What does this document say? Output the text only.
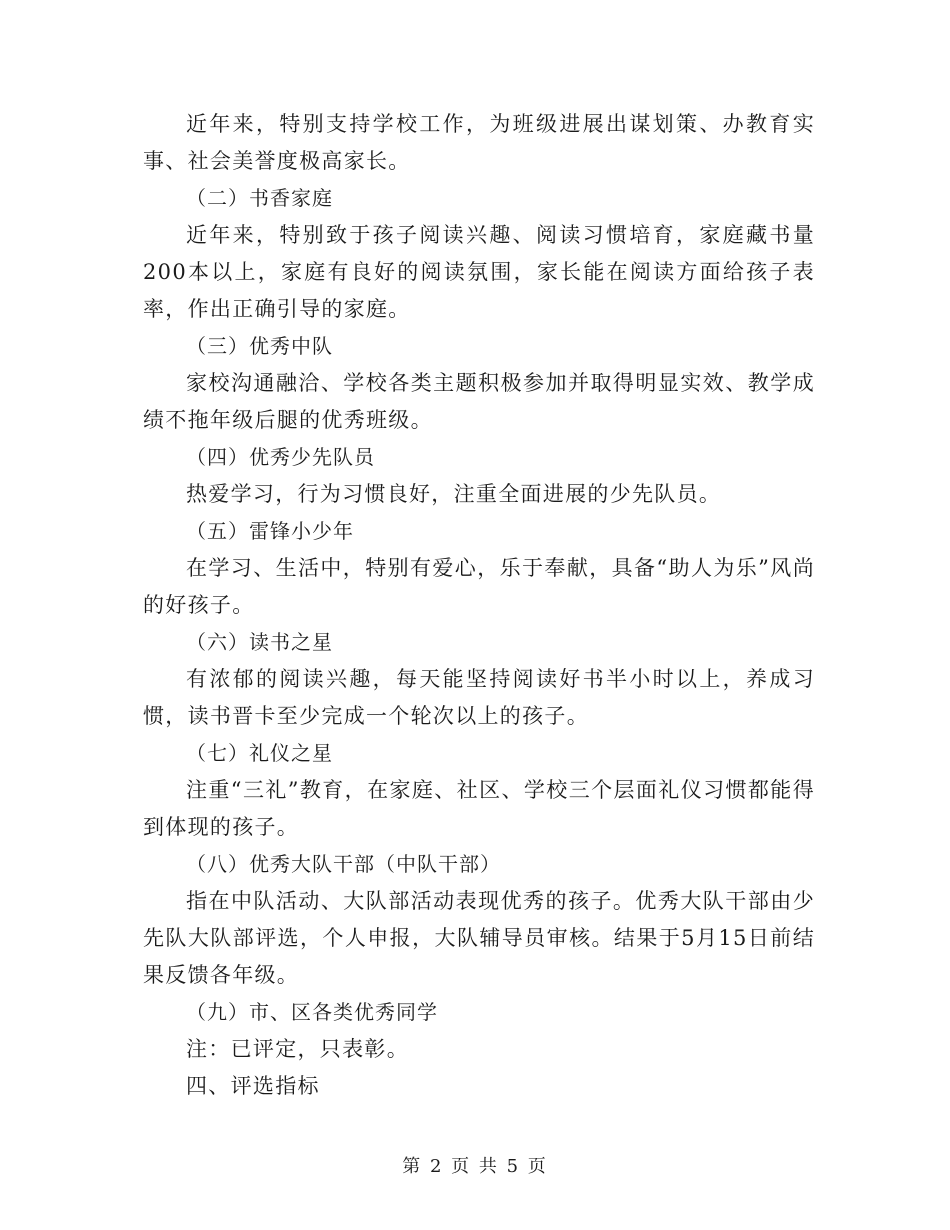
近年来，特别支持学校工作，为班级进展出谋划策、办教育实事、社会美誉度极高家长。

（二）书香家庭

近年来，特别致于孩子阅读兴趣、阅读习惯培育，家庭藏书量200本以上，家庭有良好的阅读氛围，家长能在阅读方面给孩子表率，作出正确引导的家庭。

（三）优秀中队

家校沟通融洽、学校各类主题积极参加并取得明显实效、教学成绩不拖年级后腿的优秀班级。

（四）优秀少先队员

热爱学习，行为习惯良好，注重全面进展的少先队员。

（五）雷锋小少年

在学习、生活中，特别有爱心，乐于奉献，具备“助人为乐”风尚的好孩子。

（六）读书之星

有浓郁的阅读兴趣，每天能坚持阅读好书半小时以上，养成习惯，读书晋卡至少完成一个轮次以上的孩子。

（七）礼仪之星

注重“三礼”教育，在家庭、社区、学校三个层面礼仪习惯都能得到体现的孩子。

（八）优秀大队干部（中队干部）

指在中队活动、大队部活动表现优秀的孩子。优秀大队干部由少先队大队部评选，个人申报，大队辅导员审核。结果于5月15日前结果反馈各年级。

（九）市、区各类优秀同学

注：已评定，只表彰。

四、评选指标

第 2 页 共 5 页
